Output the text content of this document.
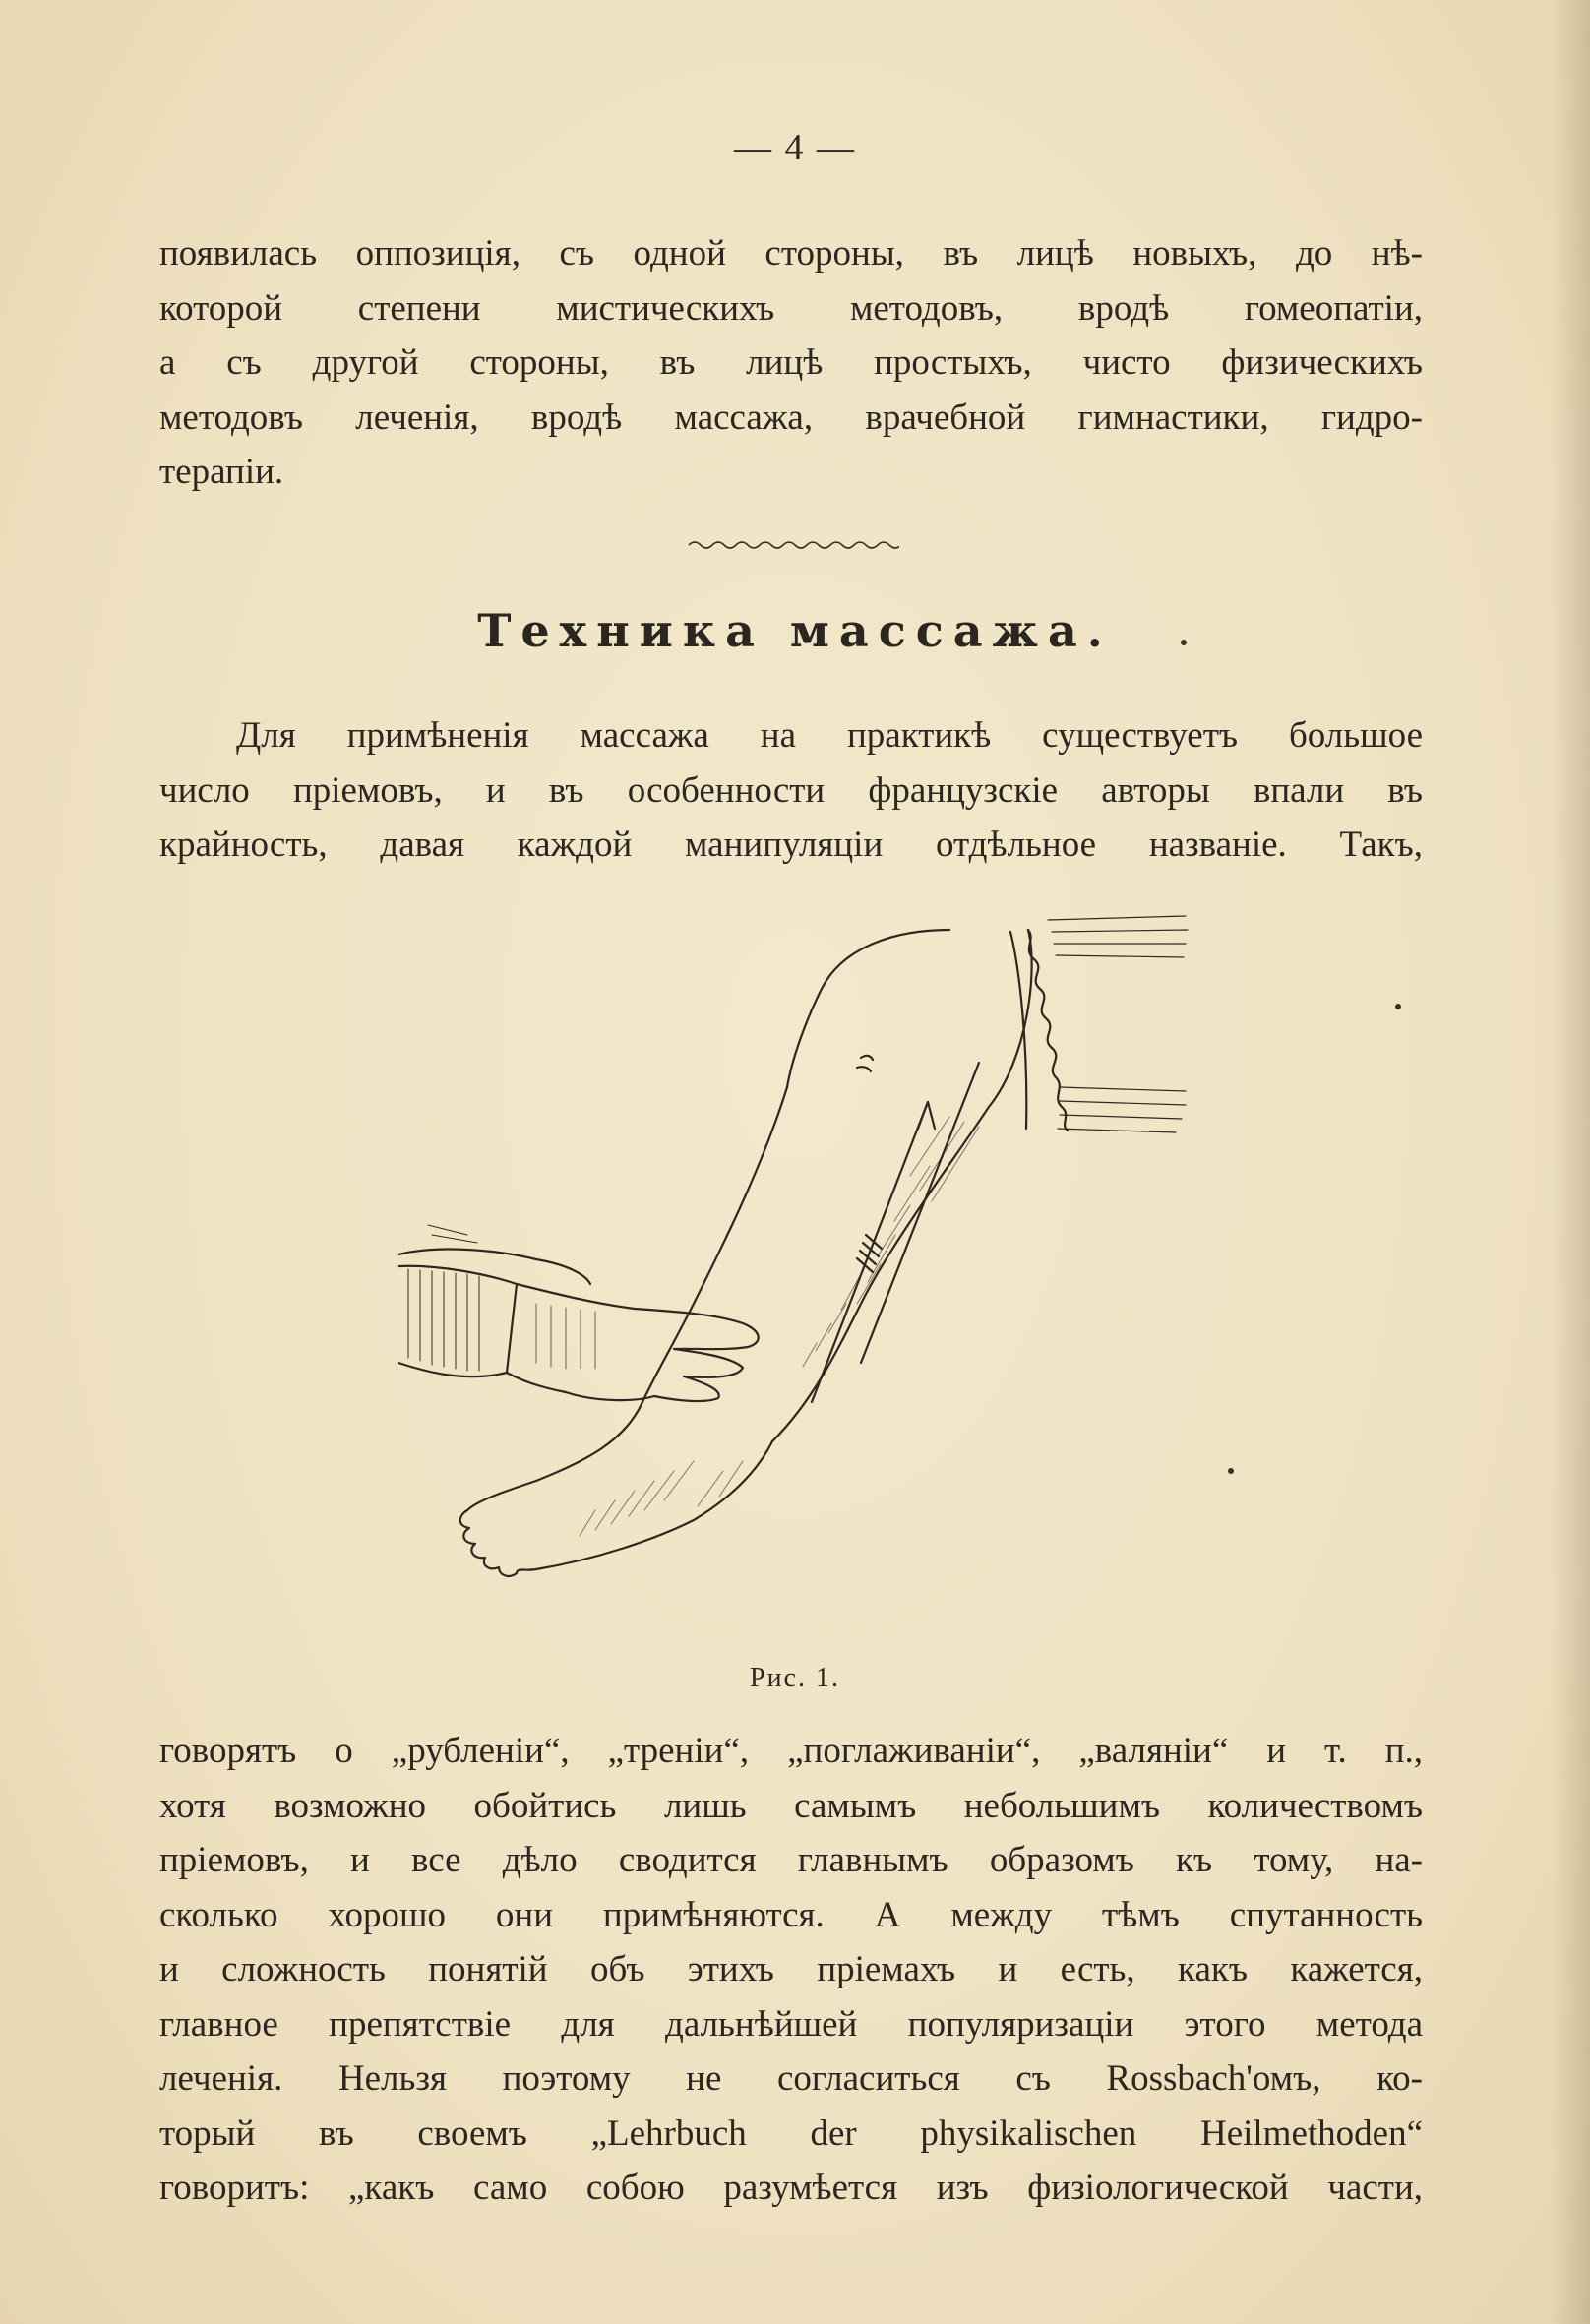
— 4 —
появилась оппозиція, съ одной стороны, въ лицѣ новыхъ, до нѣ-
которой степени мистическихъ методовъ, вродѣ гомеопатіи,
а съ другой стороны, въ лицѣ простыхъ, чисто физическихъ
методовъ леченія, вродѣ массажа, врачебной гимнастики, гидро-
терапіи.
Техника массажа.
Для примѣненія массажа на практикѣ существуетъ большое
число пріемовъ, и въ особенности французскіе авторы впали въ
крайность, давая каждой манипуляціи отдѣльное названіе. Такъ,
Рис. 1.
говорятъ о „рубленіи“, „треніи“, „поглаживаніи“, „валяніи“ и т. п.,
хотя возможно обойтись лишь самымъ небольшимъ количествомъ
пріемовъ, и все дѣло сводится главнымъ образомъ къ тому, на-
сколько хорошо они примѣняются. А между тѣмъ спутанность
и сложность понятій объ этихъ пріемахъ и есть, какъ кажется,
главное препятствіе для дальнѣйшей популяризаціи этого метода
леченія. Нельзя поэтому не согласиться съ Rossbach'омъ, ко-
торый въ своемъ „Lehrbuch der physikalischen Heilmethoden“
говоритъ: „какъ само собою разумѣется изъ физіологической части,
